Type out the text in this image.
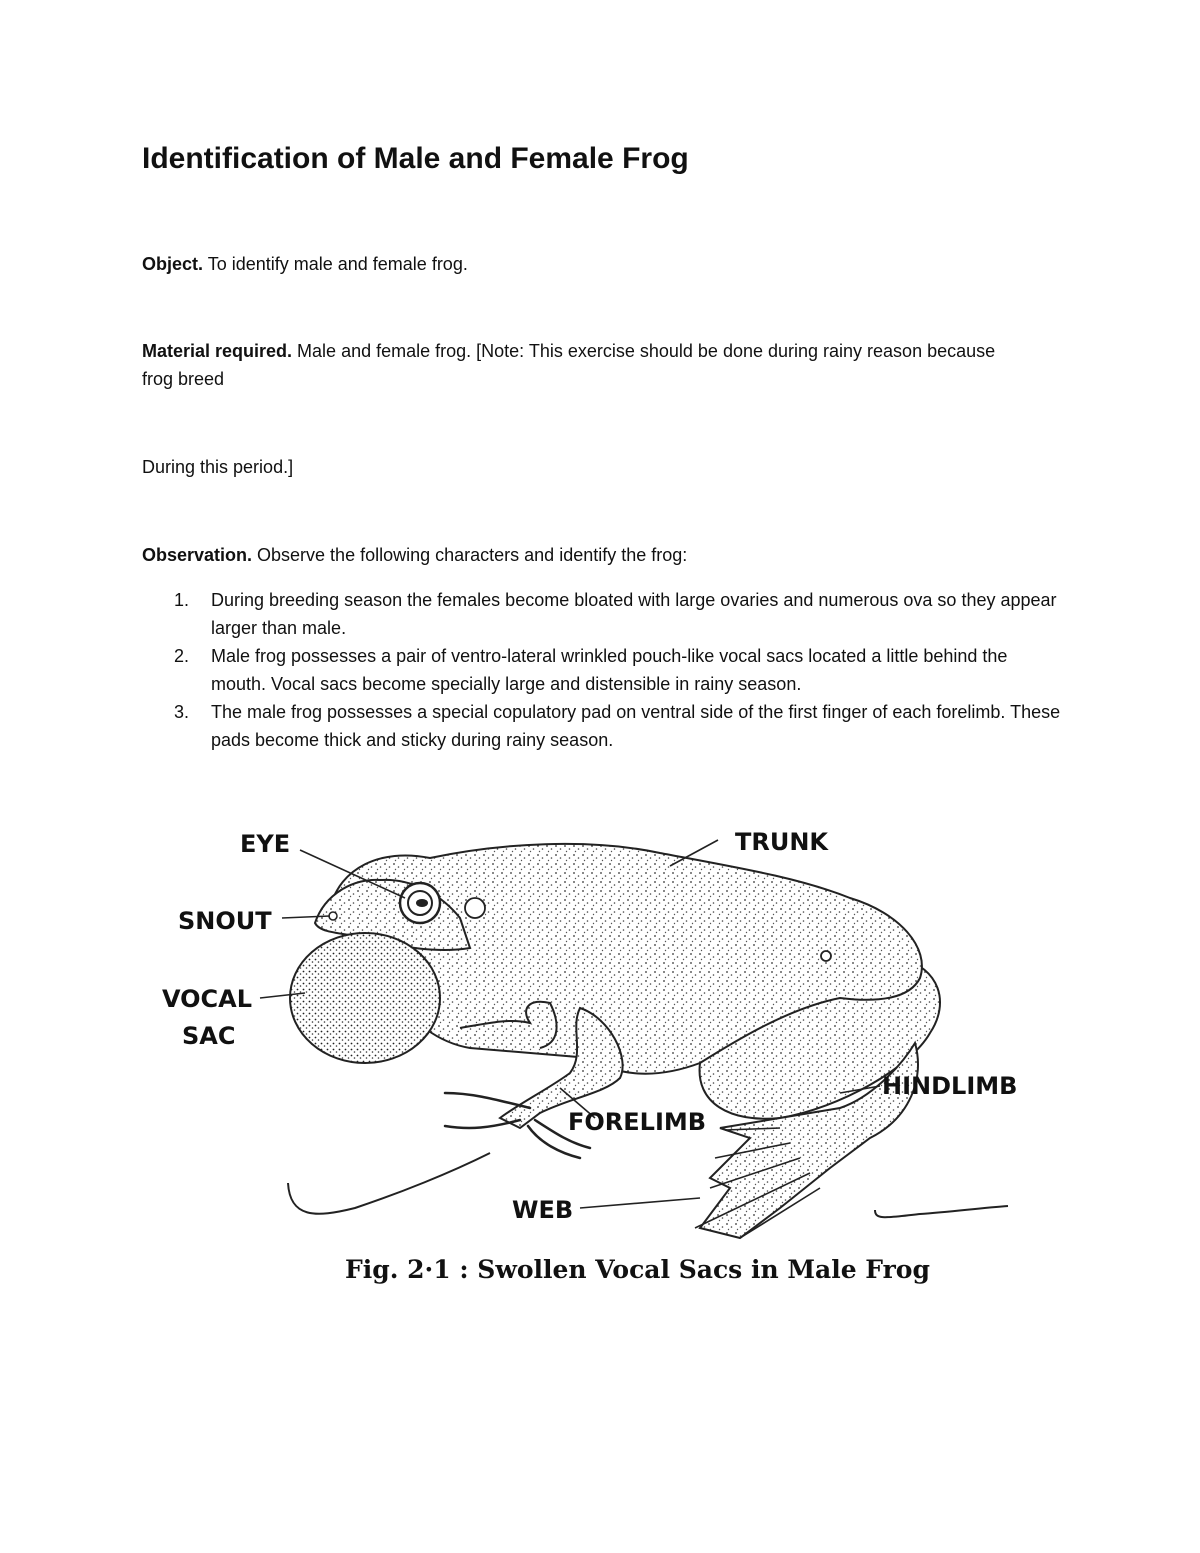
Identification of Male and Female Frog

Object. To identify male and female frog.

Material required. Male and female frog. [Note: This exercise should be done during rainy reason because frog breed

During this period.]

Observation. Observe the following characters and identify the frog:

1. During breeding season the females become bloated with large ovaries and numerous ova so they appear larger than male.
2. Male frog possesses a pair of ventro-lateral wrinkled pouch-like vocal sacs located a little behind the mouth. Vocal sacs become specially large and distensible in rainy season.
3. The male frog possesses a special copulatory pad on ventral side of the first finger of each forelimb. These pads become thick and sticky during rainy season.
EYE	TRUNK
SNOUT
VOCAL
SAC
HINDLIMB
FORELIMB
WEB
Fig. 2·1 : Swollen Vocal Sacs in Male Frog
